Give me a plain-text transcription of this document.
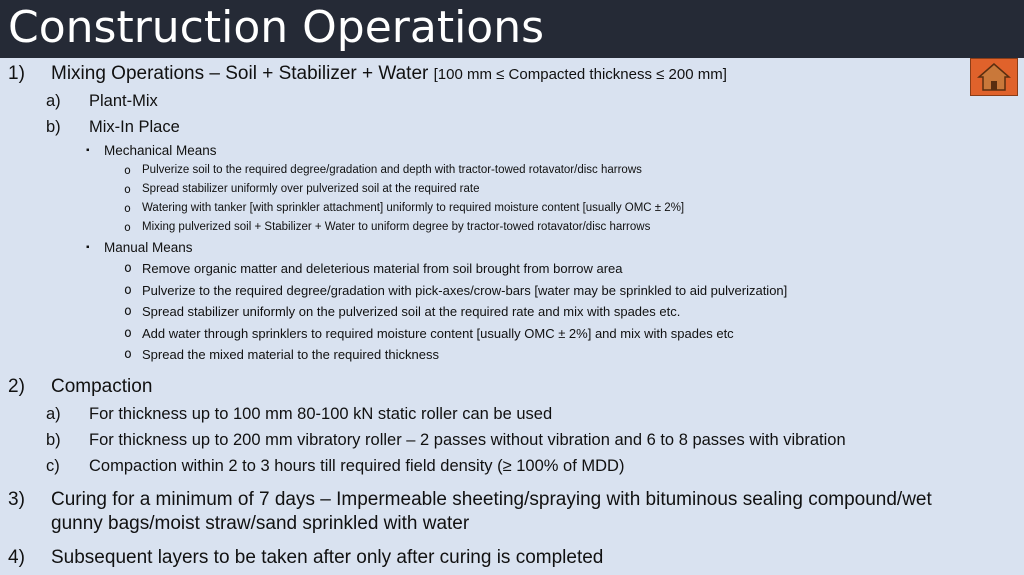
Construction Operations
1) Mixing Operations – Soil + Stabilizer + Water [100 mm ≤ Compacted thickness ≤ 200 mm]
a) Plant-Mix
b) Mix-In Place
▪ Mechanical Means
o Pulverize soil to the required degree/gradation and depth with tractor-towed rotavator/disc harrows
o Spread stabilizer uniformly over pulverized soil at the required rate
o Watering with tanker [with sprinkler attachment] uniformly to required moisture content [usually OMC ± 2%]
o Mixing pulverized soil + Stabilizer + Water to uniform degree by tractor-towed rotavator/disc harrows
▪ Manual Means
o Remove organic matter and deleterious material from soil brought from borrow area
o Pulverize to the required degree/gradation with pick-axes/crow-bars [water may be sprinkled to aid pulverization]
o Spread stabilizer uniformly on the pulverized soil at the required rate and mix with spades etc.
o Add water through sprinklers to required moisture content [usually OMC ± 2%] and mix with spades etc
o Spread the mixed material to the required thickness
2) Compaction
a) For thickness up to 100 mm 80-100 kN static roller can be used
b) For thickness up to 200 mm vibratory roller – 2 passes without vibration and 6 to 8 passes with vibration
c) Compaction within 2 to 3 hours till required field density (≥ 100% of MDD)
3) Curing for a minimum of 7 days – Impermeable sheeting/spraying with bituminous sealing compound/wet
gunny bags/moist straw/sand sprinkled with water
4) Subsequent layers to be taken after only after curing is completed
